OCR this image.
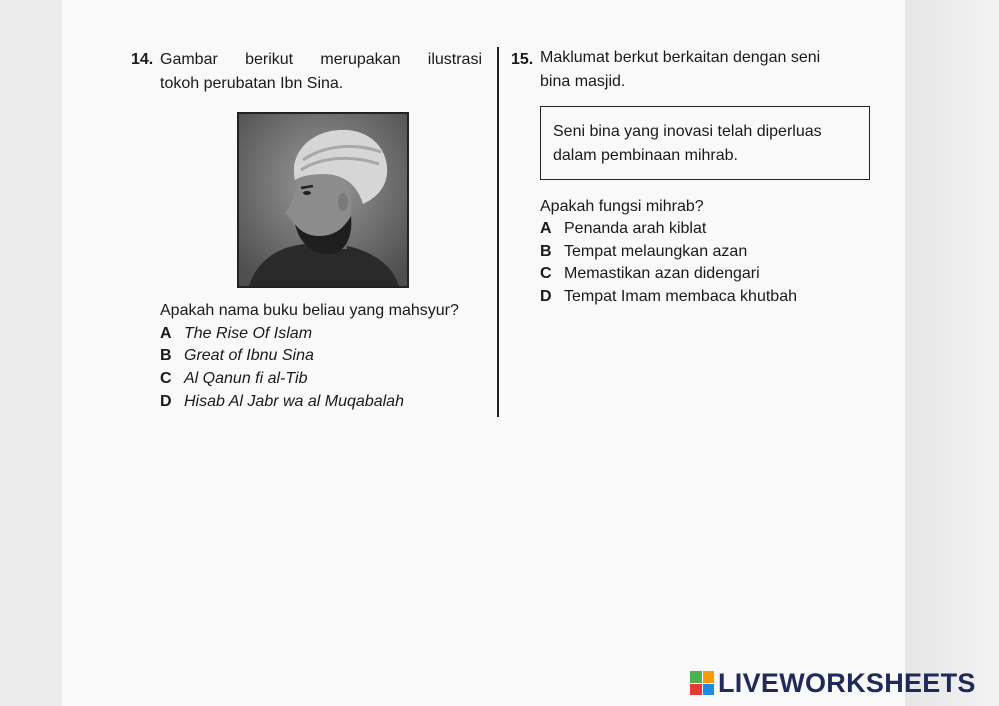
14. Gambar berikut merupakan ilustrasi
tokoh perubatan Ibn Sina.
Apakah nama buku beliau yang mahsyur?
A The Rise Of Islam
B Great of Ibnu Sina
C Al Qanun fi al-Tib
D Hisab Al Jabr wa al Muqabalah
15. Maklumat berkut berkaitan dengan seni
bina masjid.
Seni bina yang inovasi telah diperluas
dalam pembinaan mihrab.
Apakah fungsi mihrab?
A Penanda arah kiblat
B Tempat melaungkan azan
C Memastikan azan didengari
D Tempat Imam membaca khutbah
LIVEWORKSHEETS
